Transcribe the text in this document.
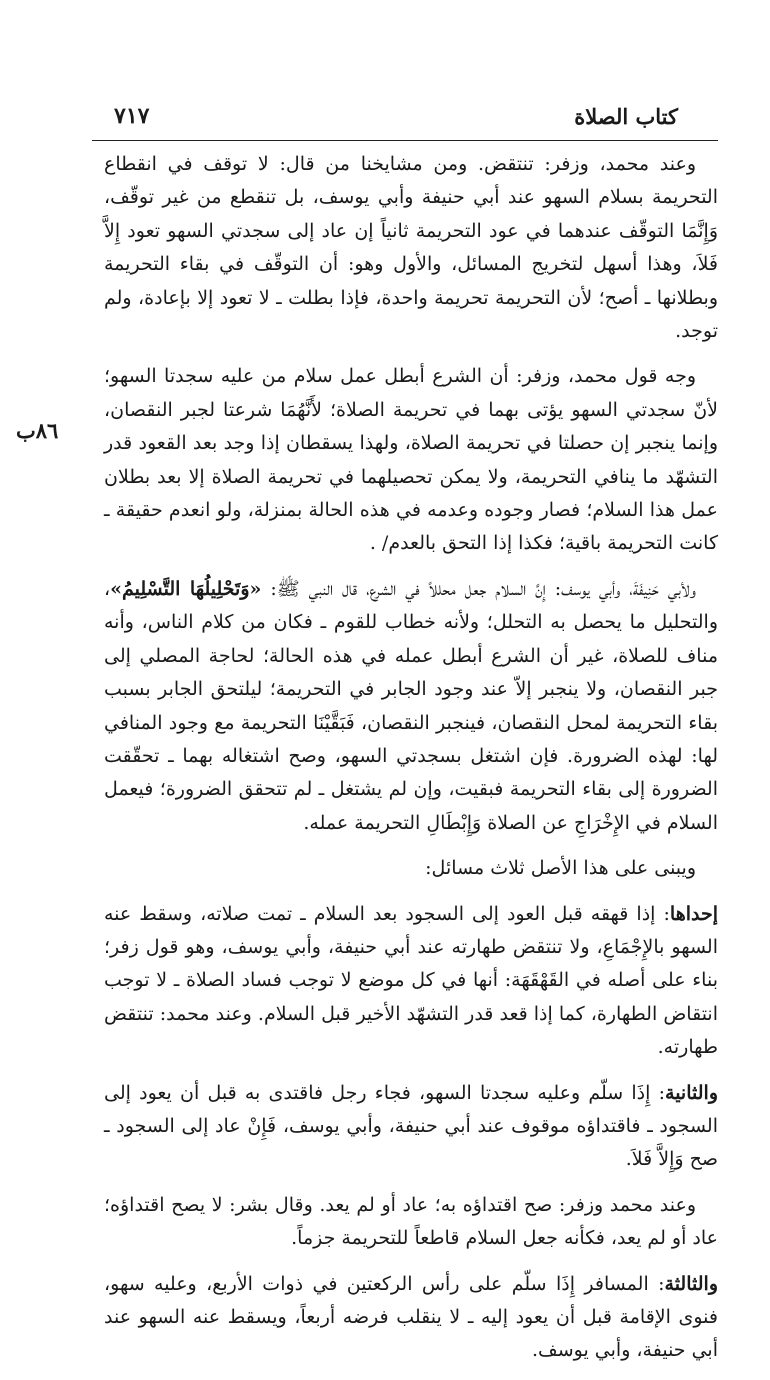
كتاب الصلاة
٧١٧
٨٦ب

وعند محمد، وزفر: تنتقض. ومن مشايخنا من قال: لا توقف في انقطاع التحريمة بسلام السهو عند أبي حنيفة وأبي يوسف، بل تنقطع من غير توقّف، وَإِنَّمَا التوقّف عندهما في عود التحريمة ثانياً إن عاد إلى سجدتي السهو تعود إِلاَّ فَلاَ، وهذا أسهل لتخريج المسائل، والأول وهو: أن التوقّف في بقاء التحريمة وبطلانها ـ أصح؛ لأن التحريمة تحريمة واحدة، فإذا بطلت ـ لا تعود إلا بإعادة، ولم توجد.

وجه قول محمد، وزفر: أن الشرع أبطل عمل سلام من عليه سجدتا السهو؛ لأنّ سجدتي السهو يؤتى بهما في تحريمة الصلاة؛ لأَنَّهُمَا شرعتا لجبر النقصان، وإنما ينجبر إن حصلتا في تحريمة الصلاة، ولهذا يسقطان إذا وجد بعد القعود قدر التشهّد ما ينافي التحريمة، ولا يمكن تحصيلهما في تحريمة الصلاة إلا بعد بطلان عمل هذا السلام؛ فصار وجوده وعدمه في هذه الحالة بمنزلة، ولو انعدم حقيقة ـ كانت التحريمة باقية؛ فكذا إذا التحق بالعدم/ .

ولأبي حَنِيفَةَ، وأبي يوسف: إِنَّ السلام جعل محللاً في الشرع، قال النبي ﷺ: «وَتَحْلِيلُهَا التَّسْلِيمُ»، والتحليل ما يحصل به التحلل؛ ولأنه خطاب للقوم ـ فكان من كلام الناس، وأنه مناف للصلاة، غير أن الشرع أبطل عمله في هذه الحالة؛ لحاجة المصلي إلى جبر النقصان، ولا ينجبر إلاّ عند وجود الجابر في التحريمة؛ ليلتحق الجابر بسبب بقاء التحريمة لمحل النقصان، فينجبر النقصان، فَبَقَّيْنَا التحريمة مع وجود المنافي لها: لهذه الضرورة. فإن اشتغل بسجدتي السهو، وصح اشتغاله بهما ـ تحقّقت الضرورة إلى بقاء التحريمة فبقيت، وإن لم يشتغل ـ لم تتحقق الضرورة؛ فيعمل السلام في الإِخْرَاجِ عن الصلاة وَإِبْطَالِ التحريمة عمله.

ويبنى على هذا الأصل ثلاث مسائل:

إحداها: إذا قهقه قبل العود إلى السجود بعد السلام ـ تمت صلاته، وسقط عنه السهو بالإِجْمَاعِ، ولا تنتقض طهارته عند أبي حنيفة، وأبي يوسف، وهو قول زفر؛ بناء على أصله في القَهْقَهَة: أنها في كل موضع لا توجب فساد الصلاة ـ لا توجب انتقاض الطهارة، كما إذا قعد قدر التشهّد الأخير قبل السلام. وعند محمد: تنتقض طهارته.

والثانية: إِذَا سلّم وعليه سجدتا السهو، فجاء رجل فاقتدى به قبل أن يعود إلى السجود ـ فاقتداؤه موقوف عند أبي حنيفة، وأبي يوسف، فَإِنْ عاد إلى السجود ـ صح وَإِلاَّ فَلاَ.

وعند محمد وزفر: صح اقتداؤه به؛ عاد أو لم يعد. وقال بشر: لا يصح اقتداؤه؛ عاد أو لم يعد، فكأنه جعل السلام قاطعاً للتحريمة جزماً.

والثالثة: المسافر إِذَا سلّم على رأس الركعتين في ذوات الأربع، وعليه سهو، فنوى الإقامة قبل أن يعود إليه ـ لا ينقلب فرضه أربعاً، ويسقط عنه السهو عند أبي حنيفة، وأبي يوسف.
